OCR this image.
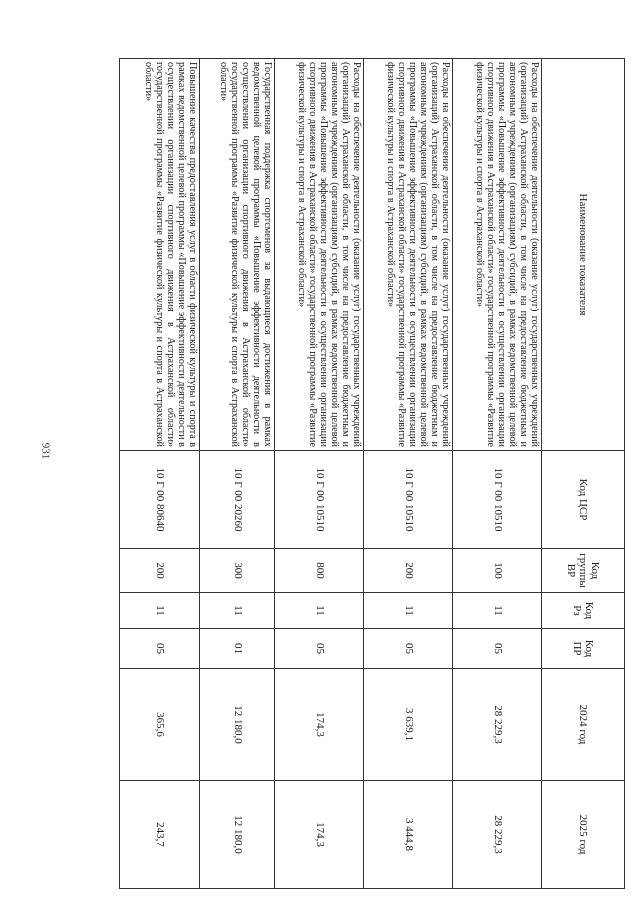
931
Наименование показателя	Код ЦСР	Код группы ВР	Код Рз	Код ПР	2024 год	2025 год
Расходы на обеспечение деятельности (оказание услуг) государственных учреждений (организаций) Астраханской области, в том числе на предоставление бюджетным и автономным учреждениям (организациям) субсидий, в рамках ведомственной целевой программы «Повышение эффективности деятельности в осуществлении организации спортивного движения в Астраханской области» государственной программы «Развитие физической культуры и спорта в Астраханской области»	10 Г 00 10510	100	11	05	28 229,3	28 229,3
Расходы на обеспечение деятельности (оказание услуг) государственных учреждений (организаций) Астраханской области, в том числе на предоставление бюджетным и автономным учреждениям (организациям) субсидий, в рамках ведомственной целевой программы «Повышение эффективности деятельности в осуществлении организации спортивного движения в Астраханской области» государственной программы «Развитие физической культуры и спорта в Астраханской области»	10 Г 00 10510	200	11	05	3 639,1	3 444,8
Расходы на обеспечение деятельности (оказание услуг) государственных учреждений (организаций) Астраханской области, в том числе на предоставление бюджетным и автономным учреждениям (организациям) субсидий, в рамках ведомственной целевой программы «Повышение эффективности деятельности в осуществлении организации спортивного движения в Астраханской области» государственной программы «Развитие физической культуры и спорта в Астраханской области»	10 Г 00 10510	800	11	05	174,3	174,3
Государственная поддержка спортсменов за выдающиеся достижения в рамках ведомственной целевой программы «Повышение эффективности деятельности в осуществлении организации спортивного движения в Астраханской области» государственной программы «Развитие физической культуры и спорта в Астраханской области»	10 Г 00 20260	300	11	01	12 180,0	12 180,0
Повышение качества предоставления услуг в области физической культуры и спорта в рамках ведомственной целевой программы «Повышение эффективности деятельности в осуществлении организации спортивного движения в Астраханской области» государственной программы «Развитие физической культуры и спорта в Астраханской области»	10 Г 00 80640	200	11	05	365,6	243,7
